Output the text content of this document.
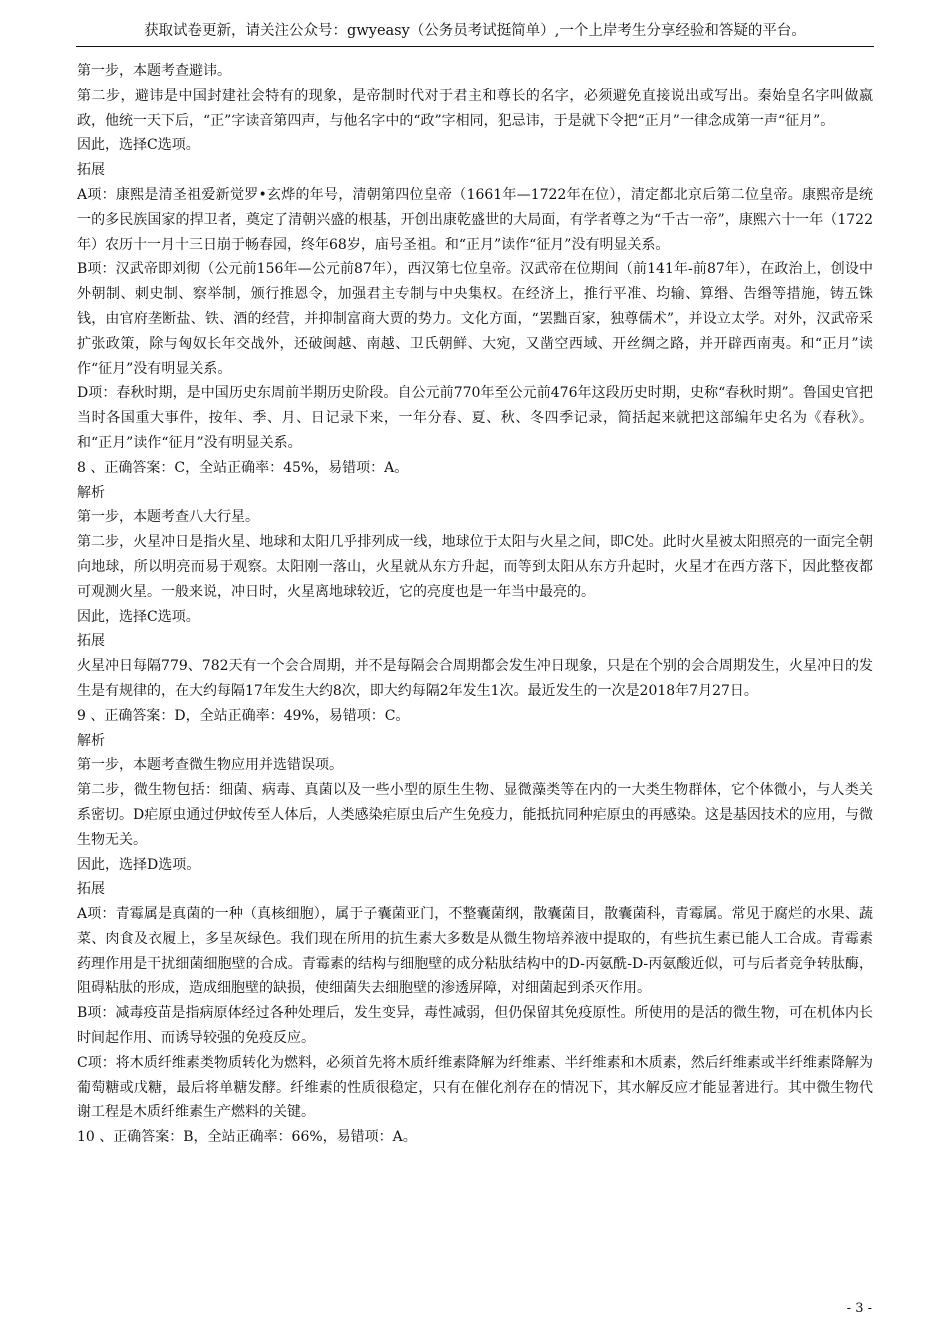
获取试卷更新，请关注公众号：gwyeasy（公务员考试挺简单）,一个上岸考生分享经验和答疑的平台。

第一步，本题考查避讳。

第二步，避讳是中国封建社会特有的现象，是帝制时代对于君主和尊长的名字，必须避免直接说出或写出。秦始皇名字叫做嬴政，他统一天下后，“正”字读音第四声，与他名字中的“政”字相同，犯忌讳，于是就下令把“正月”一律念成第一声“征月”。

因此，选择C选项。

拓展

A项：康熙是清圣祖爱新觉罗•玄烨的年号，清朝第四位皇帝（1661年—1722年在位），清定都北京后第二位皇帝。康熙帝是统一的多民族国家的捍卫者，奠定了清朝兴盛的根基，开创出康乾盛世的大局面，有学者尊之为“千古一帝”，康熙六十一年（1722年）农历十一月十三日崩于畅春园，终年68岁，庙号圣祖。和“正月”读作“征月”没有明显关系。

B项：汉武帝即刘彻（公元前156年—公元前87年），西汉第七位皇帝。汉武帝在位期间（前141年-前87年），在政治上，创设中外朝制、刺史制、察举制，颁行推恩令，加强君主专制与中央集权。在经济上，推行平准、均输、算缗、告缗等措施，铸五铢钱，由官府垄断盐、铁、酒的经营，并抑制富商大贾的势力。文化方面，“罢黜百家，独尊儒术”，并设立太学。对外，汉武帝采扩张政策，除与匈奴长年交战外，还破闽越、南越、卫氏朝鲜、大宛，又凿空西域、开丝绸之路，并开辟西南夷。和“正月”读作“征月”没有明显关系。

D项：春秋时期，是中国历史东周前半期历史阶段。自公元前770年至公元前476年这段历史时期，史称“春秋时期”。鲁国史官把当时各国重大事件，按年、季、月、日记录下来，一年分春、夏、秋、冬四季记录，简括起来就把这部编年史名为《春秋》。和“正月”读作“征月”没有明显关系。

8 、正确答案：C，全站正确率：45%，易错项：A。

解析

第一步，本题考查八大行星。

第二步，火星冲日是指火星、地球和太阳几乎排列成一线，地球位于太阳与火星之间，即C处。此时火星被太阳照亮的一面完全朝向地球，所以明亮而易于观察。太阳刚一落山，火星就从东方升起，而等到太阳从东方升起时，火星才在西方落下，因此整夜都可观测火星。一般来说，冲日时，火星离地球较近，它的亮度也是一年当中最亮的。

因此，选择C选项。

拓展

火星冲日每隔779、782天有一个会合周期，并不是每隔会合周期都会发生冲日现象，只是在个别的会合周期发生，火星冲日的发生是有规律的，在大约每隔17年发生大约8次，即大约每隔2年发生1次。最近发生的一次是2018年7月27日。

9 、正确答案：D，全站正确率：49%，易错项：C。

解析

第一步，本题考查微生物应用并选错误项。

第二步，微生物包括：细菌、病毒、真菌以及一些小型的原生生物、显微藻类等在内的一大类生物群体，它个体微小，与人类关系密切。D疟原虫通过伊蚊传至人体后，人类感染疟原虫后产生免疫力，能抵抗同种疟原虫的再感染。这是基因技术的应用，与微生物无关。

因此，选择D选项。

拓展

A项：青霉属是真菌的一种（真核细胞），属于子囊菌亚门，不整囊菌纲，散囊菌目，散囊菌科，青霉属。常见于腐烂的水果、蔬菜、肉食及衣履上，多呈灰绿色。我们现在所用的抗生素大多数是从微生物培养液中提取的，有些抗生素已能人工合成。青霉素药理作用是干扰细菌细胞壁的合成。青霉素的结构与细胞壁的成分粘肽结构中的D-丙氨酰-D-丙氨酸近似，可与后者竞争转肽酶，阻碍粘肽的形成，造成细胞壁的缺损，使细菌失去细胞壁的渗透屏障，对细菌起到杀灭作用。

B项：减毒疫苗是指病原体经过各种处理后，发生变异，毒性减弱，但仍保留其免疫原性。所使用的是活的微生物，可在机体内长时间起作用、而诱导较强的免疫反应。

C项：将木质纤维素类物质转化为燃料，必须首先将木质纤维素降解为纤维素、半纤维素和木质素，然后纤维素或半纤维素降解为葡萄糖或戊糖，最后将单糖发酵。纤维素的性质很稳定，只有在催化剂存在的情况下，其水解反应才能显著进行。其中微生物代谢工程是木质纤维素生产燃料的关键。

10 、正确答案：B，全站正确率：66%，易错项：A。

- 3 -
